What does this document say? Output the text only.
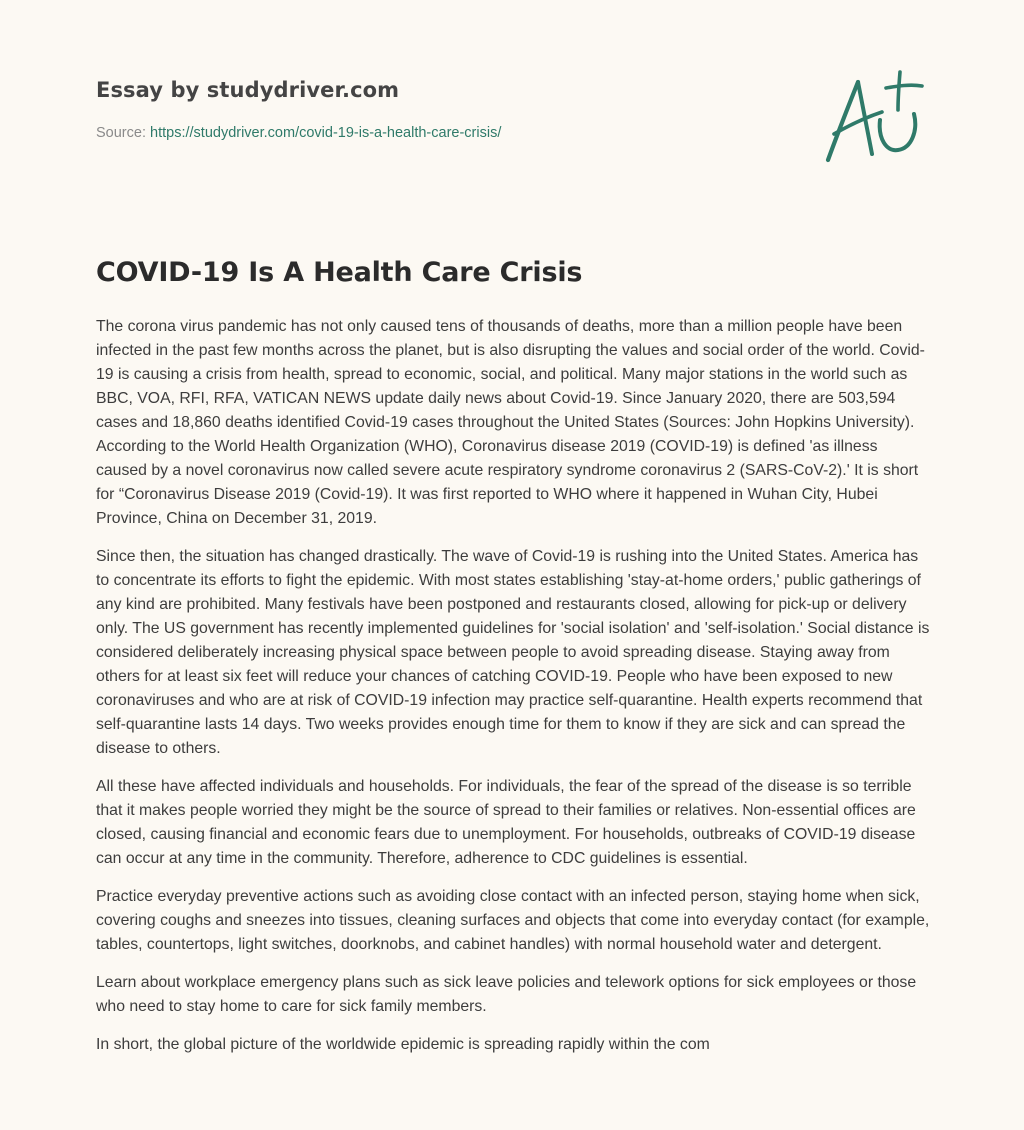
Essay by studydriver.com
Source: https://studydriver.com/covid-19-is-a-health-care-crisis/
COVID-19 Is A Health Care Crisis

The corona virus pandemic has not only caused tens of thousands of deaths, more than a million people have been infected in the past few months across the planet, but is also disrupting the values and social order of the world. Covid-19 is causing a crisis from health, spread to economic, social, and political. Many major stations in the world such as BBC, VOA, RFI, RFA, VATICAN NEWS update daily news about Covid-19. Since January 2020, there are 503,594 cases and 18,860 deaths identified Covid-19 cases throughout the United States (Sources: John Hopkins University). According to the World Health Organization (WHO), Coronavirus disease 2019 (COVID-19) is defined 'as illness caused by a novel coronavirus now called severe acute respiratory syndrome coronavirus 2 (SARS-CoV-2).' It is short for “Coronavirus Disease 2019 (Covid-19). It was first reported to WHO where it happened in Wuhan City, Hubei Province, China on December 31, 2019.

Since then, the situation has changed drastically. The wave of Covid-19 is rushing into the United States. America has to concentrate its efforts to fight the epidemic. With most states establishing 'stay-at-home orders,' public gatherings of any kind are prohibited. Many festivals have been postponed and restaurants closed, allowing for pick-up or delivery only. The US government has recently implemented guidelines for 'social isolation' and 'self-isolation.' Social distance is considered deliberately increasing physical space between people to avoid spreading disease. Staying away from others for at least six feet will reduce your chances of catching COVID-19. People who have been exposed to new coronaviruses and who are at risk of COVID-19 infection may practice self-quarantine. Health experts recommend that self-quarantine lasts 14 days. Two weeks provides enough time for them to know if they are sick and can spread the disease to others.

All these have affected individuals and households. For individuals, the fear of the spread of the disease is so terrible that it makes people worried they might be the source of spread to their families or relatives. Non-essential offices are closed, causing financial and economic fears due to unemployment. For households, outbreaks of COVID-19 disease can occur at any time in the community. Therefore, adherence to CDC guidelines is essential.

Practice everyday preventive actions such as avoiding close contact with an infected person, staying home when sick, covering coughs and sneezes into tissues, cleaning surfaces and objects that come into everyday contact (for example, tables, countertops, light switches, doorknobs, and cabinet handles) with normal household water and detergent.

Learn about workplace emergency plans such as sick leave policies and telework options for sick employees or those who need to stay home to care for sick family members.

In short, the global picture of the worldwide epidemic is spreading rapidly within the com
